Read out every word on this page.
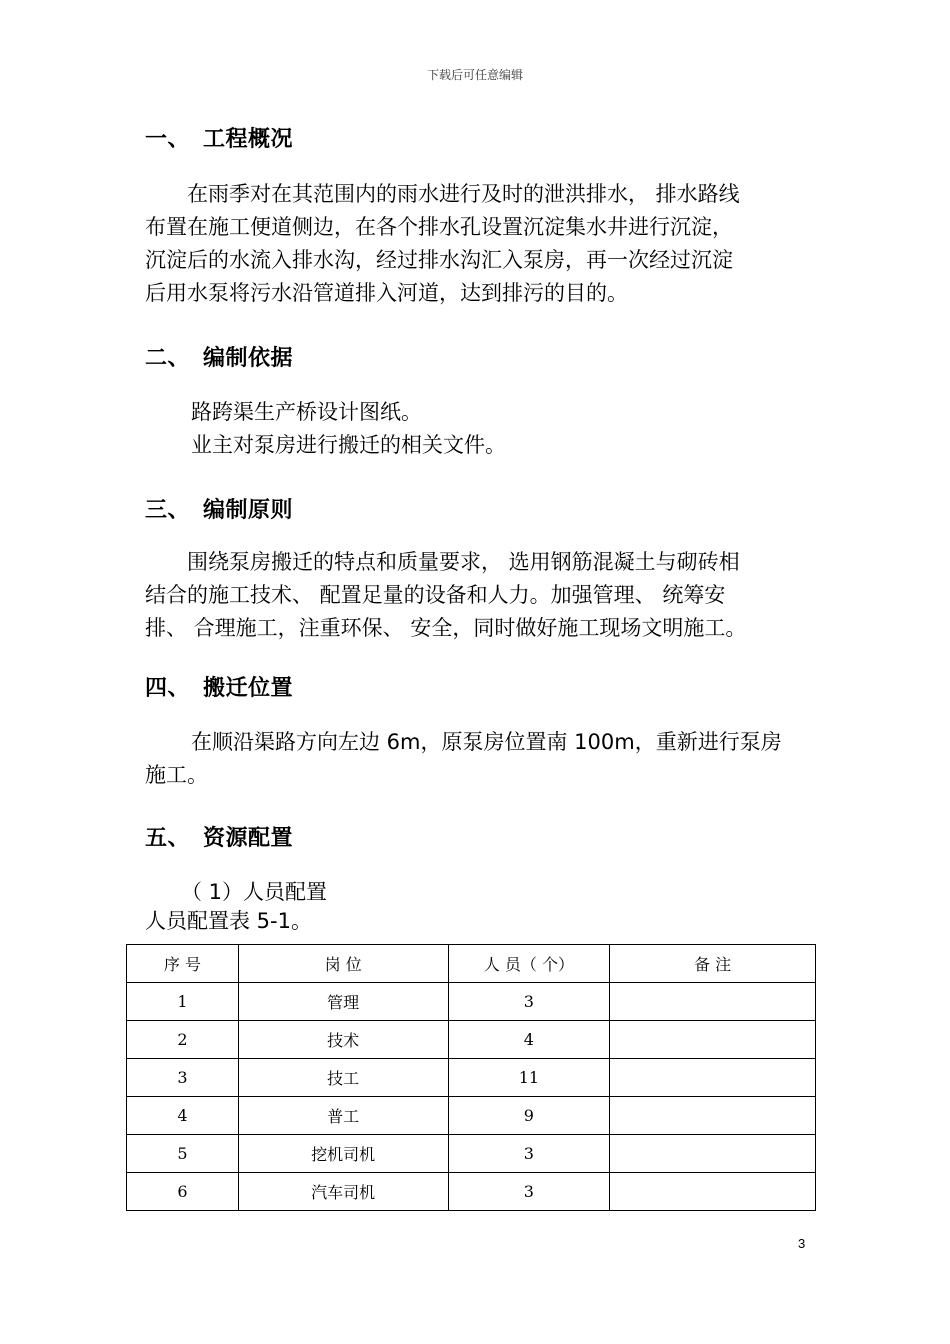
下载后可任意编辑
一、 工程概况
在雨季对在其范围内的雨水进行及时的泄洪排水， 排水路线
布置在施工便道侧边，在各个排水孔设置沉淀集水井进行沉淀，
沉淀后的水流入排水沟，经过排水沟汇入泵房，再一次经过沉淀
后用水泵将污水沿管道排入河道，达到排污的目的。
二、 编制依据
路跨渠生产桥设计图纸。
业主对泵房进行搬迁的相关文件。
三、 编制原则
围绕泵房搬迁的特点和质量要求， 选用钢筋混凝土与砌砖相
结合的施工技术、 配置足量的设备和人力。加强管理、 统筹安
排、 合理施工，注重环保、 安全，同时做好施工现场文明施工。
四、 搬迁位置
在顺沿渠路方向左边 6m，原泵房位置南 100m，重新进行泵房
施工。
五、 资源配置
（ 1）人员配置
人员配置表 5-1。
序 号	岗 位	人 员（ 个）	备 注
1	管理	3	
2	技术	4	
3	技工	11	
4	普工	9	
5	挖机司机	3	
6	汽车司机	3	
3
